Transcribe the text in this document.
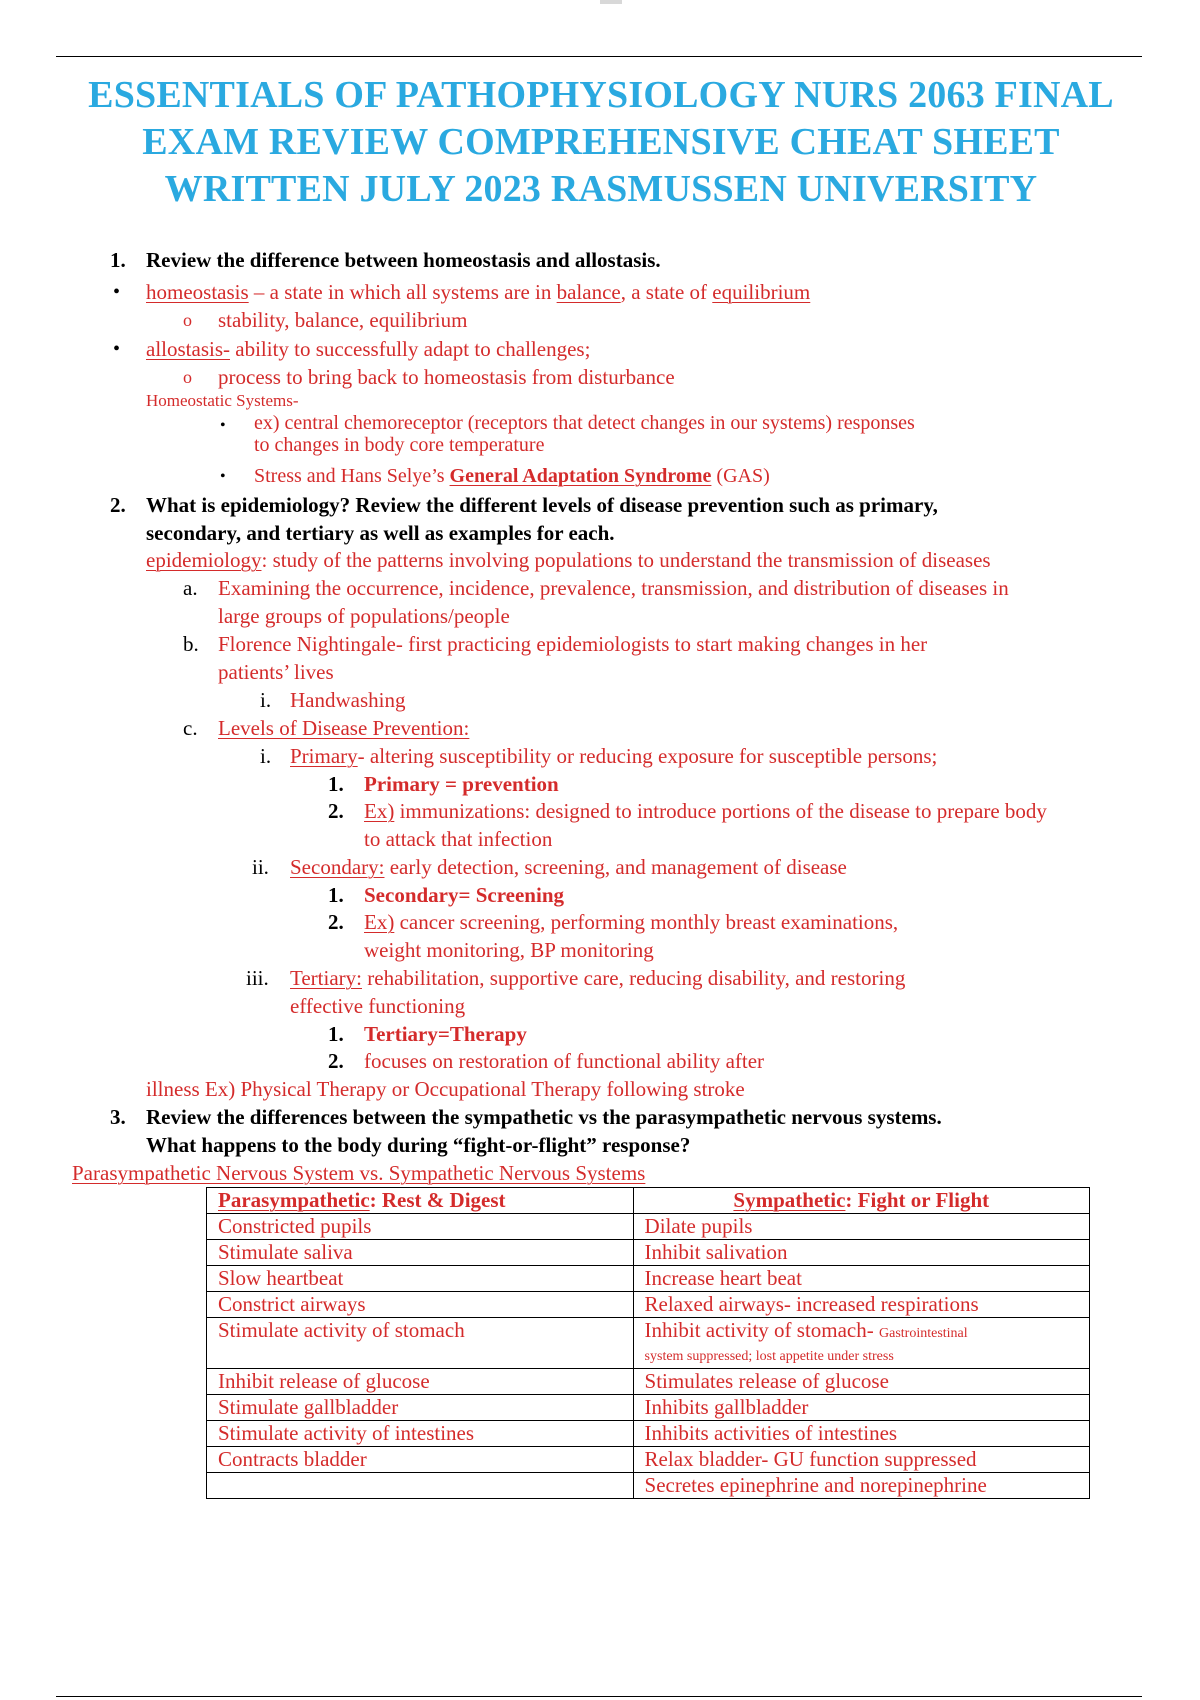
ESSENTIALS OF PATHOPHYSIOLOGY NURS 2063 FINAL
EXAM REVIEW COMPREHENSIVE CHEAT SHEET
WRITTEN JULY 2023 RASMUSSEN UNIVERSITY
1. Review the difference between homeostasis and allostasis.
• homeostasis – a state in which all systems are in balance, a state of equilibrium
o stability, balance, equilibrium
• allostasis- ability to successfully adapt to challenges;
o process to bring back to homeostasis from disturbance
Homeostatic Systems-
• ex) central chemoreceptor (receptors that detect changes in our systems) responses
to changes in body core temperature
• Stress and Hans Selye’s General Adaptation Syndrome (GAS)
2. What is epidemiology? Review the different levels of disease prevention such as primary,
secondary, and tertiary as well as examples for each.
epidemiology: study of the patterns involving populations to understand the transmission of diseases
a. Examining the occurrence, incidence, prevalence, transmission, and distribution of diseases in
large groups of populations/people
b. Florence Nightingale- first practicing epidemiologists to start making changes in her
patients’ lives
i. Handwashing
c. Levels of Disease Prevention:
i. Primary- altering susceptibility or reducing exposure for susceptible persons;
1. Primary = prevention
2. Ex) immunizations: designed to introduce portions of the disease to prepare body
to attack that infection
ii. Secondary: early detection, screening, and management of disease
1. Secondary= Screening
2. Ex) cancer screening, performing monthly breast examinations,
weight monitoring, BP monitoring
iii. Tertiary: rehabilitation, supportive care, reducing disability, and restoring
effective functioning
1. Tertiary=Therapy
2. focuses on restoration of functional ability after
illness Ex) Physical Therapy or Occupational Therapy following stroke
3. Review the differences between the sympathetic vs the parasympathetic nervous systems.
What happens to the body during “fight-or-flight” response?
Parasympathetic Nervous System vs. Sympathetic Nervous Systems
Parasympathetic: Rest & Digest	Sympathetic: Fight or Flight
Constricted pupils	Dilate pupils
Stimulate saliva	Inhibit salivation
Slow heartbeat	Increase heart beat
Constrict airways	Relaxed airways- increased respirations
Stimulate activity of stomach	Inhibit activity of stomach- Gastrointestinal
system suppressed; lost appetite under stress
Inhibit release of glucose	Stimulates release of glucose
Stimulate gallbladder	Inhibits gallbladder
Stimulate activity of intestines	Inhibits activities of intestines
Contracts bladder	Relax bladder- GU function suppressed
	Secretes epinephrine and norepinephrine
